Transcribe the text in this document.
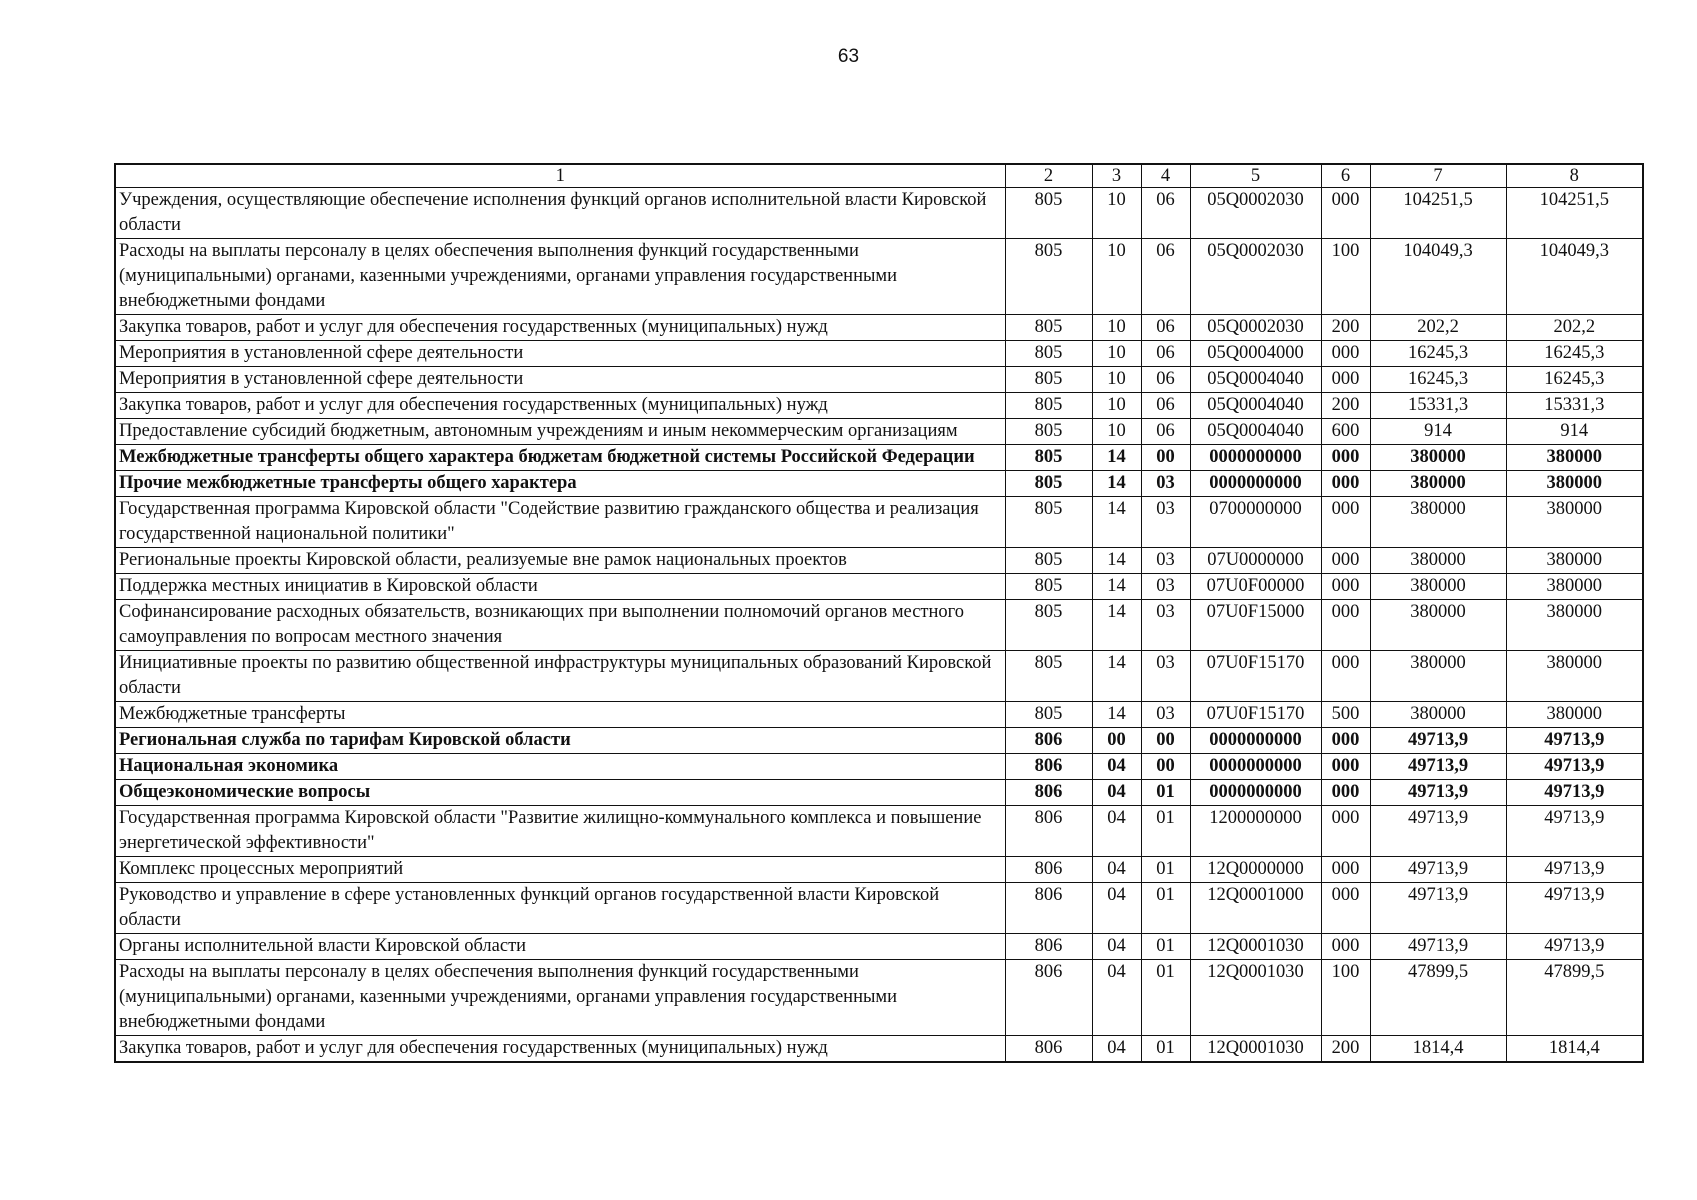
63
1	2	3	4	5	6	7	8
Учреждения, осуществляющие обеспечение исполнения функций органов исполнительной власти Кировской области	805	10	06	05Q0002030	000	104251,5	104251,5
Расходы на выплаты персоналу в целях обеспечения выполнения функций государственными (муниципальными) органами, казенными учреждениями, органами управления государственными внебюджетными фондами	805	10	06	05Q0002030	100	104049,3	104049,3
Закупка товаров, работ и услуг для обеспечения государственных (муниципальных) нужд	805	10	06	05Q0002030	200	202,2	202,2
Мероприятия в установленной сфере деятельности	805	10	06	05Q0004000	000	16245,3	16245,3
Мероприятия в установленной сфере деятельности	805	10	06	05Q0004040	000	16245,3	16245,3
Закупка товаров, работ и услуг для обеспечения государственных (муниципальных) нужд	805	10	06	05Q0004040	200	15331,3	15331,3
Предоставление субсидий бюджетным, автономным учреждениям и иным некоммерческим организациям	805	10	06	05Q0004040	600	914	914
Межбюджетные трансферты общего характера бюджетам бюджетной системы Российской Федерации	805	14	00	0000000000	000	380000	380000
Прочие межбюджетные трансферты общего характера	805	14	03	0000000000	000	380000	380000
Государственная программа Кировской области "Содействие развитию гражданского общества и реализация государственной национальной политики"	805	14	03	0700000000	000	380000	380000
Региональные проекты Кировской области, реализуемые вне рамок национальных проектов	805	14	03	07U0000000	000	380000	380000
Поддержка местных инициатив в Кировской области	805	14	03	07U0F00000	000	380000	380000
Софинансирование расходных обязательств, возникающих при выполнении полномочий органов местного самоуправления по вопросам местного значения	805	14	03	07U0F15000	000	380000	380000
Инициативные проекты по развитию общественной инфраструктуры муниципальных образований Кировской области	805	14	03	07U0F15170	000	380000	380000
Межбюджетные трансферты	805	14	03	07U0F15170	500	380000	380000
Региональная служба по тарифам Кировской области	806	00	00	0000000000	000	49713,9	49713,9
Национальная экономика	806	04	00	0000000000	000	49713,9	49713,9
Общеэкономические вопросы	806	04	01	0000000000	000	49713,9	49713,9
Государственная программа Кировской области "Развитие жилищно-коммунального комплекса и повышение энергетической эффективности"	806	04	01	1200000000	000	49713,9	49713,9
Комплекс процессных мероприятий	806	04	01	12Q0000000	000	49713,9	49713,9
Руководство и управление в сфере установленных функций органов государственной власти Кировской области	806	04	01	12Q0001000	000	49713,9	49713,9
Органы исполнительной власти Кировской области	806	04	01	12Q0001030	000	49713,9	49713,9
Расходы на выплаты персоналу в целях обеспечения выполнения функций государственными (муниципальными) органами, казенными учреждениями, органами управления государственными внебюджетными фондами	806	04	01	12Q0001030	100	47899,5	47899,5
Закупка товаров, работ и услуг для обеспечения государственных (муниципальных) нужд	806	04	01	12Q0001030	200	1814,4	1814,4
